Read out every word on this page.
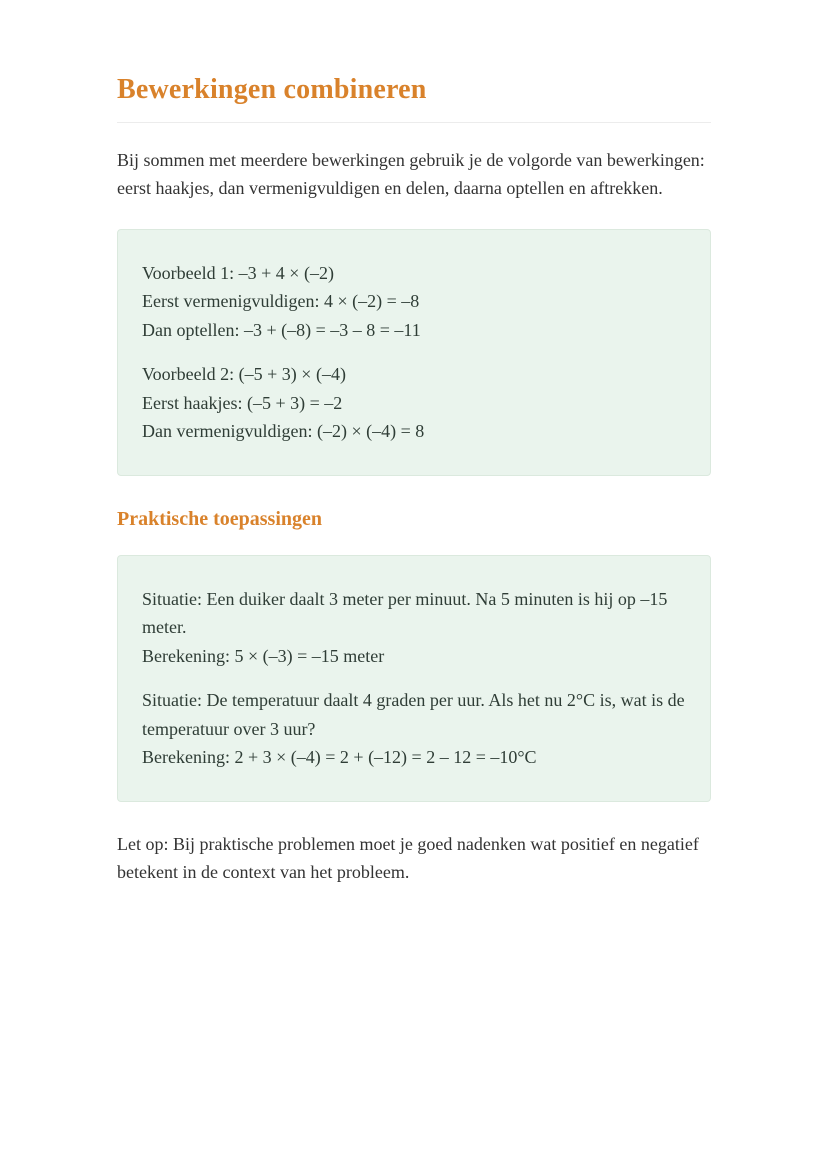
Bewerkingen combineren

Bij sommen met meerdere bewerkingen gebruik je de volgorde van bewerkingen: eerst haakjes, dan vermenigvuldigen en delen, daarna optellen en aftrekken.

Voorbeeld 1: –3 + 4 × (–2)
Eerst vermenigvuldigen: 4 × (–2) = –8
Dan optellen: –3 + (–8) = –3 – 8 = –11
Voorbeeld 2: (–5 + 3) × (–4)
Eerst haakjes: (–5 + 3) = –2
Dan vermenigvuldigen: (–2) × (–4) = 8
Praktische toepassingen
Situatie: Een duiker daalt 3 meter per minuut. Na 5 minuten is hij op –15 meter.
Berekening: 5 × (–3) = –15 meter
Situatie: De temperatuur daalt 4 graden per uur. Als het nu 2°C is, wat is de temperatuur over 3 uur?
Berekening: 2 + 3 × (–4) = 2 + (–12) = 2 – 12 = –10°C

Let op: Bij praktische problemen moet je goed nadenken wat positief en negatief betekent in de context van het probleem.
